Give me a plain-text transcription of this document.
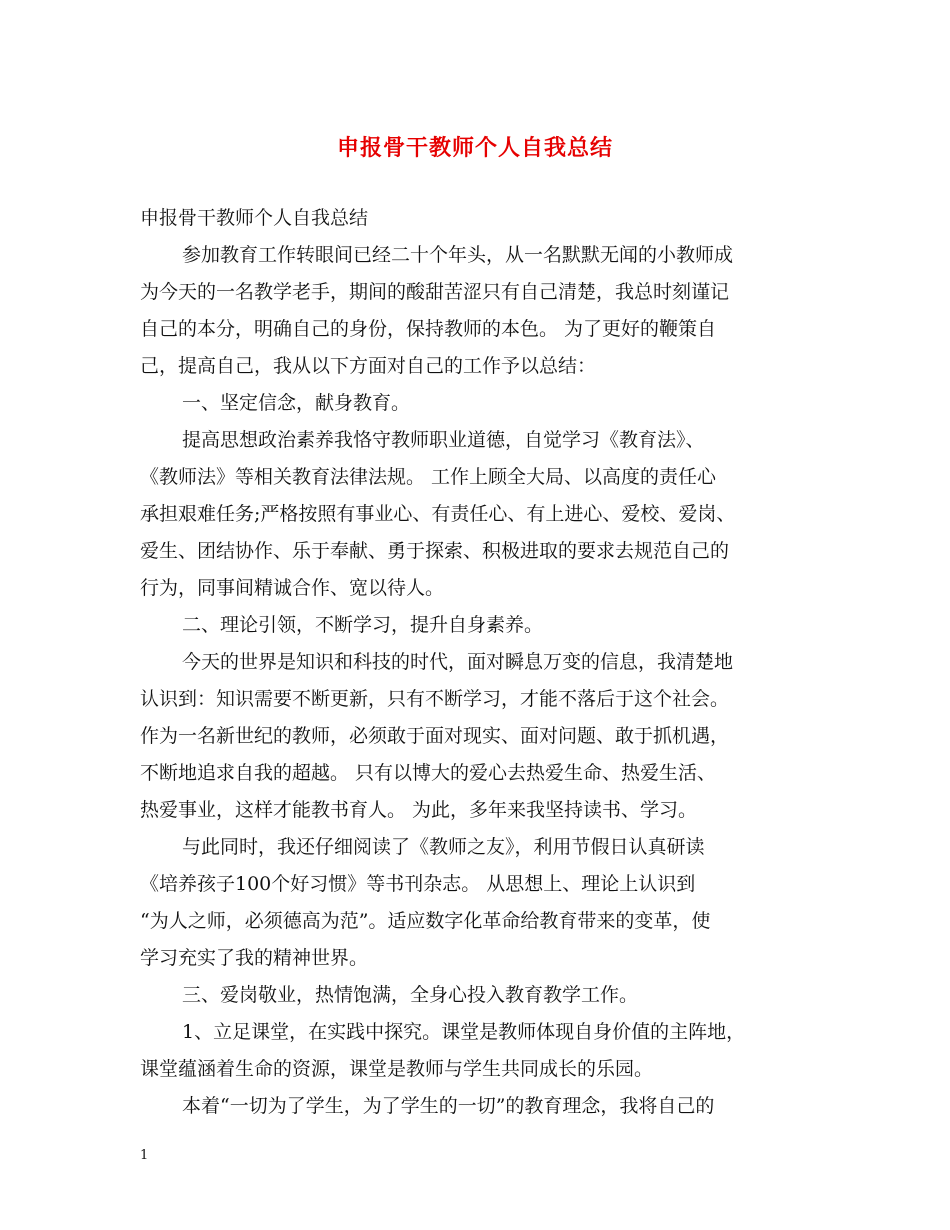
申报骨干教师个人自我总结
申报骨干教师个人自我总结
参加教育工作转眼间已经二十个年头，从一名默默无闻的小教师成
为今天的一名教学老手，期间的酸甜苦涩只有自己清楚，我总时刻谨记
自己的本分，明确自己的身份，保持教师的本色。 为了更好的鞭策自
己，提高自己，我从以下方面对自己的工作予以总结：
一、坚定信念，献身教育。
提高思想政治素养我恪守教师职业道德，自觉学习《教育法》、
《教师法》等相关教育法律法规。 工作上顾全大局、以高度的责任心
承担艰难任务;严格按照有事业心、有责任心、有上进心、爱校、爱岗、
爱生、团结协作、乐于奉献、勇于探索、积极进取的要求去规范自己的
行为，同事间精诚合作、宽以待人。
二、理论引领，不断学习，提升自身素养。
今天的世界是知识和科技的时代，面对瞬息万变的信息，我清楚地
认识到：知识需要不断更新，只有不断学习，才能不落后于这个社会。
作为一名新世纪的教师，必须敢于面对现实、面对问题、敢于抓机遇，
不断地追求自我的超越。 只有以博大的爱心去热爱生命、热爱生活、
热爱事业，这样才能教书育人。 为此，多年来我坚持读书、学习。
与此同时，我还仔细阅读了《教师之友》，利用节假日认真研读
《培养孩子100个好习惯》等书刊杂志。 从思想上、理论上认识到
“为人之师，必须德高为范”。适应数字化革命给教育带来的变革，使
学习充实了我的精神世界。
三、爱岗敬业，热情饱满，全身心投入教育教学工作。
1、立足课堂，在实践中探究。课堂是教师体现自身价值的主阵地，
课堂蕴涵着生命的资源，课堂是教师与学生共同成长的乐园。
本着“一切为了学生，为了学生的一切”的教育理念，我将自己的
1
